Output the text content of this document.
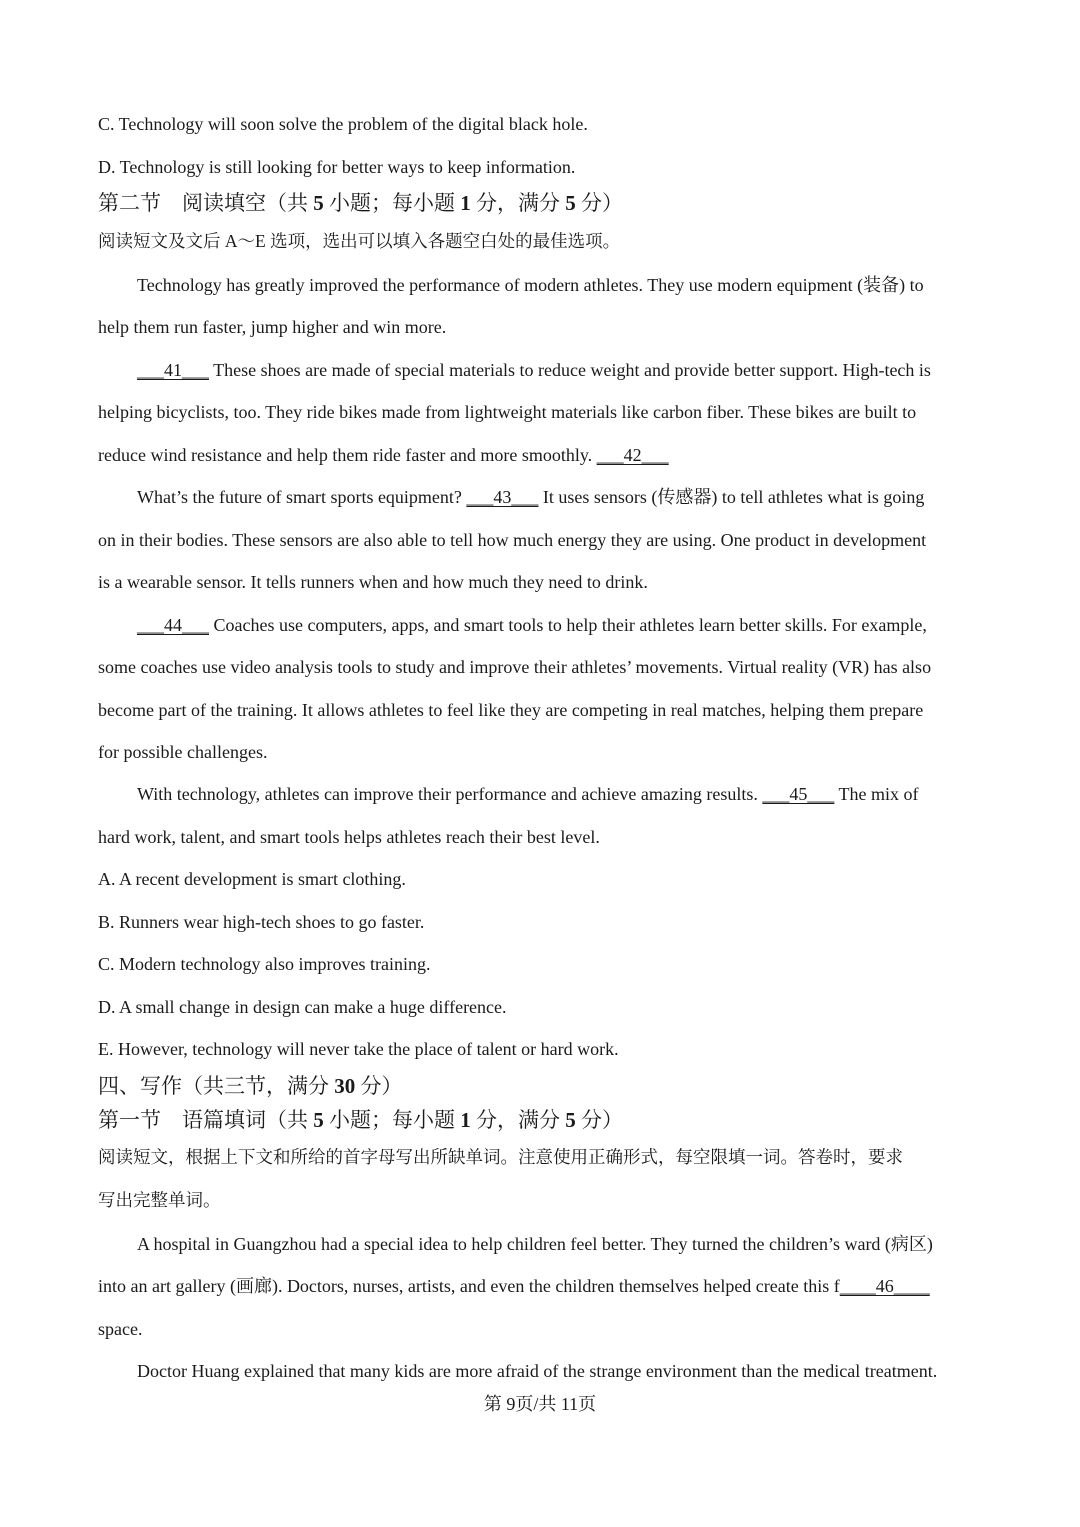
C. Technology will soon solve the problem of the digital black hole.
D. Technology is still looking for better ways to keep information.
第二节　阅读填空（共 5 小题；每小题 1 分，满分 5 分）
阅读短文及文后 A～E 选项，选出可以填入各题空白处的最佳选项。
Technology has greatly improved the performance of modern athletes. They use modern equipment (装备) to
help them run faster, jump higher and win more.
___41___ These shoes are made of special materials to reduce weight and provide better support. High-tech is
helping bicyclists, too. They ride bikes made from lightweight materials like carbon fiber. These bikes are built to
reduce wind resistance and help them ride faster and more smoothly. ___42___
What’s the future of smart sports equipment? ___43___ It uses sensors (传感器) to tell athletes what is going
on in their bodies. These sensors are also able to tell how much energy they are using. One product in development
is a wearable sensor. It tells runners when and how much they need to drink.
___44___ Coaches use computers, apps, and smart tools to help their athletes learn better skills. For example,
some coaches use video analysis tools to study and improve their athletes’ movements. Virtual reality (VR) has also
become part of the training. It allows athletes to feel like they are competing in real matches, helping them prepare
for possible challenges.
With technology, athletes can improve their performance and achieve amazing results. ___45___ The mix of
hard work, talent, and smart tools helps athletes reach their best level.
A. A recent development is smart clothing.
B. Runners wear high-tech shoes to go faster.
C. Modern technology also improves training.
D. A small change in design can make a huge difference.
E. However, technology will never take the place of talent or hard work.
四、写作（共三节，满分 30 分）
第一节　语篇填词（共 5 小题；每小题 1 分，满分 5 分）
阅读短文，根据上下文和所给的首字母写出所缺单词。注意使用正确形式，每空限填一词。答卷时，要求
写出完整单词。
A hospital in Guangzhou had a special idea to help children feel better. They turned the children’s ward (病区)
into an art gallery (画廊). Doctors, nurses, artists, and even the children themselves helped create this f____46____
space.
Doctor Huang explained that many kids are more afraid of the strange environment than the medical treatment.
第 9页/共 11页
